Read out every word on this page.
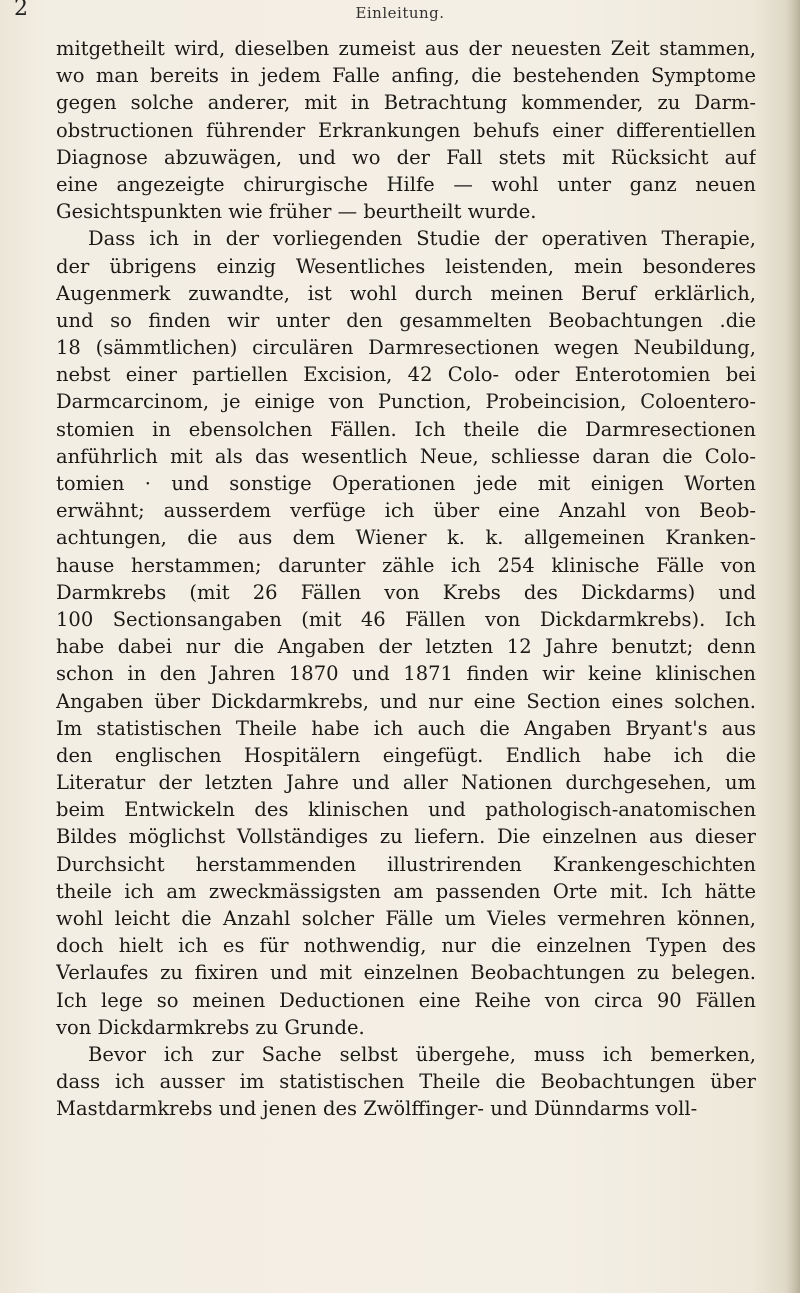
2	Einleitung.
mitgetheilt wird, dieselben zumeist aus der neuesten Zeit stammen,
wo man bereits in jedem Falle anfing, die bestehenden Symptome
gegen solche anderer, mit in Betrachtung kommender, zu Darm-
obstructionen führender Erkrankungen behufs einer differentiellen
Diagnose abzuwägen, und wo der Fall stets mit Rücksicht auf
eine angezeigte chirurgische Hilfe — wohl unter ganz neuen
Gesichtspunkten wie früher — beurtheilt wurde.
Dass ich in der vorliegenden Studie der operativen Therapie,
der übrigens einzig Wesentliches leistenden, mein besonderes
Augenmerk zuwandte, ist wohl durch meinen Beruf erklärlich,
und so finden wir unter den gesammelten Beobachtungen .die
18 (sämmtlichen) circulären Darmresectionen wegen Neubildung,
nebst einer partiellen Excision, 42 Colo- oder Enterotomien bei
Darmcarcinom, je einige von Punction, Probeincision, Coloentero-
stomien in ebensolchen Fällen. Ich theile die Darmresectionen
anführlich mit als das wesentlich Neue, schliesse daran die Colo-
tomien · und sonstige Operationen jede mit einigen Worten
erwähnt; ausserdem verfüge ich über eine Anzahl von Beob-
achtungen, die aus dem Wiener k. k. allgemeinen Kranken-
hause herstammen; darunter zähle ich 254 klinische Fälle von
Darmkrebs (mit 26 Fällen von Krebs des Dickdarms) und
100 Sectionsangaben (mit 46 Fällen von Dickdarmkrebs). Ich
habe dabei nur die Angaben der letzten 12 Jahre benutzt; denn
schon in den Jahren 1870 und 1871 finden wir keine klinischen
Angaben über Dickdarmkrebs, und nur eine Section eines solchen.
Im statistischen Theile habe ich auch die Angaben Bryant's aus
den englischen Hospitälern eingefügt. Endlich habe ich die
Literatur der letzten Jahre und aller Nationen durchgesehen, um
beim Entwickeln des klinischen und pathologisch-anatomischen
Bildes möglichst Vollständiges zu liefern. Die einzelnen aus dieser
Durchsicht herstammenden illustrirenden Krankengeschichten
theile ich am zweckmässigsten am passenden Orte mit. Ich hätte
wohl leicht die Anzahl solcher Fälle um Vieles vermehren können,
doch hielt ich es für nothwendig, nur die einzelnen Typen des
Verlaufes zu fixiren und mit einzelnen Beobachtungen zu belegen.
Ich lege so meinen Deductionen eine Reihe von circa 90 Fällen
von Dickdarmkrebs zu Grunde.
Bevor ich zur Sache selbst übergehe, muss ich bemerken,
dass ich ausser im statistischen Theile die Beobachtungen über
Mastdarmkrebs und jenen des Zwölffinger- und Dünndarms voll-
